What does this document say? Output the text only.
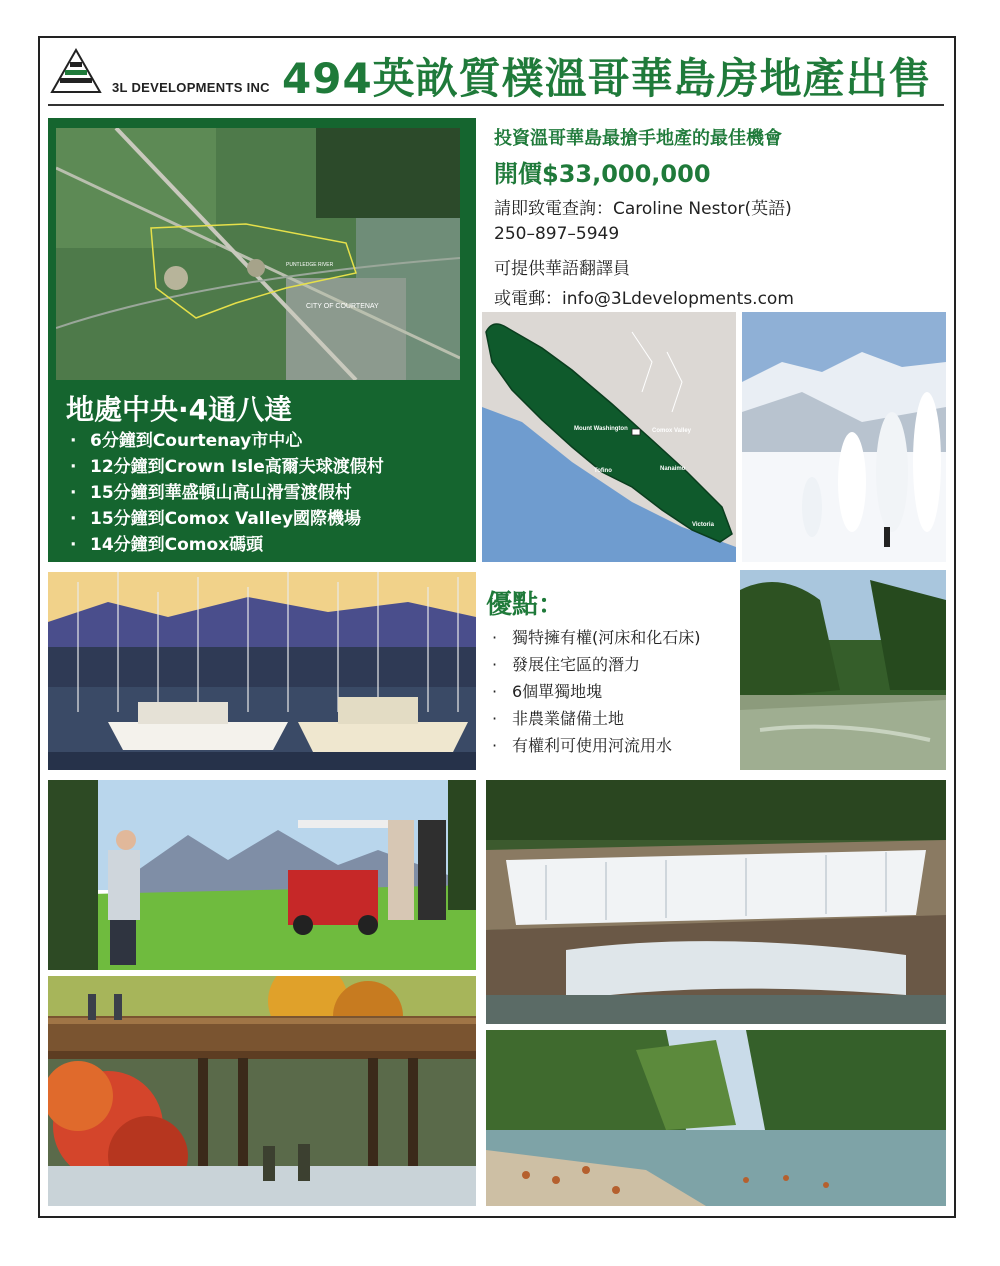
3L DEVELOPMENTS INC 494英畝質樸溫哥華島房地產出售
CITY OF COURTENAY
PUNTLEDGE RIVER
地處中央·4通八達
· 6分鐘到Courtenay市中心
· 12分鐘到Crown Isle高爾夫球渡假村
· 15分鐘到華盛頓山高山滑雪渡假村
· 15分鐘到Comox Valley國際機場
· 14分鐘到Comox碼頭
投資溫哥華島最搶手地產的最佳機會
開價$33,000,000
請即致電查詢：Caroline Nestor(英語)
250–897–5949
可提供華語翻譯員
或電郵：info@3Ldevelopments.com
Mount Washington	Comox Valley
Tofino	Nanaimo
Victoria
優點：
· 獨特擁有權(河床和化石床)
· 發展住宅區的潛力
· 6個單獨地塊
· 非農業儲備土地
· 有權利可使用河流用水
